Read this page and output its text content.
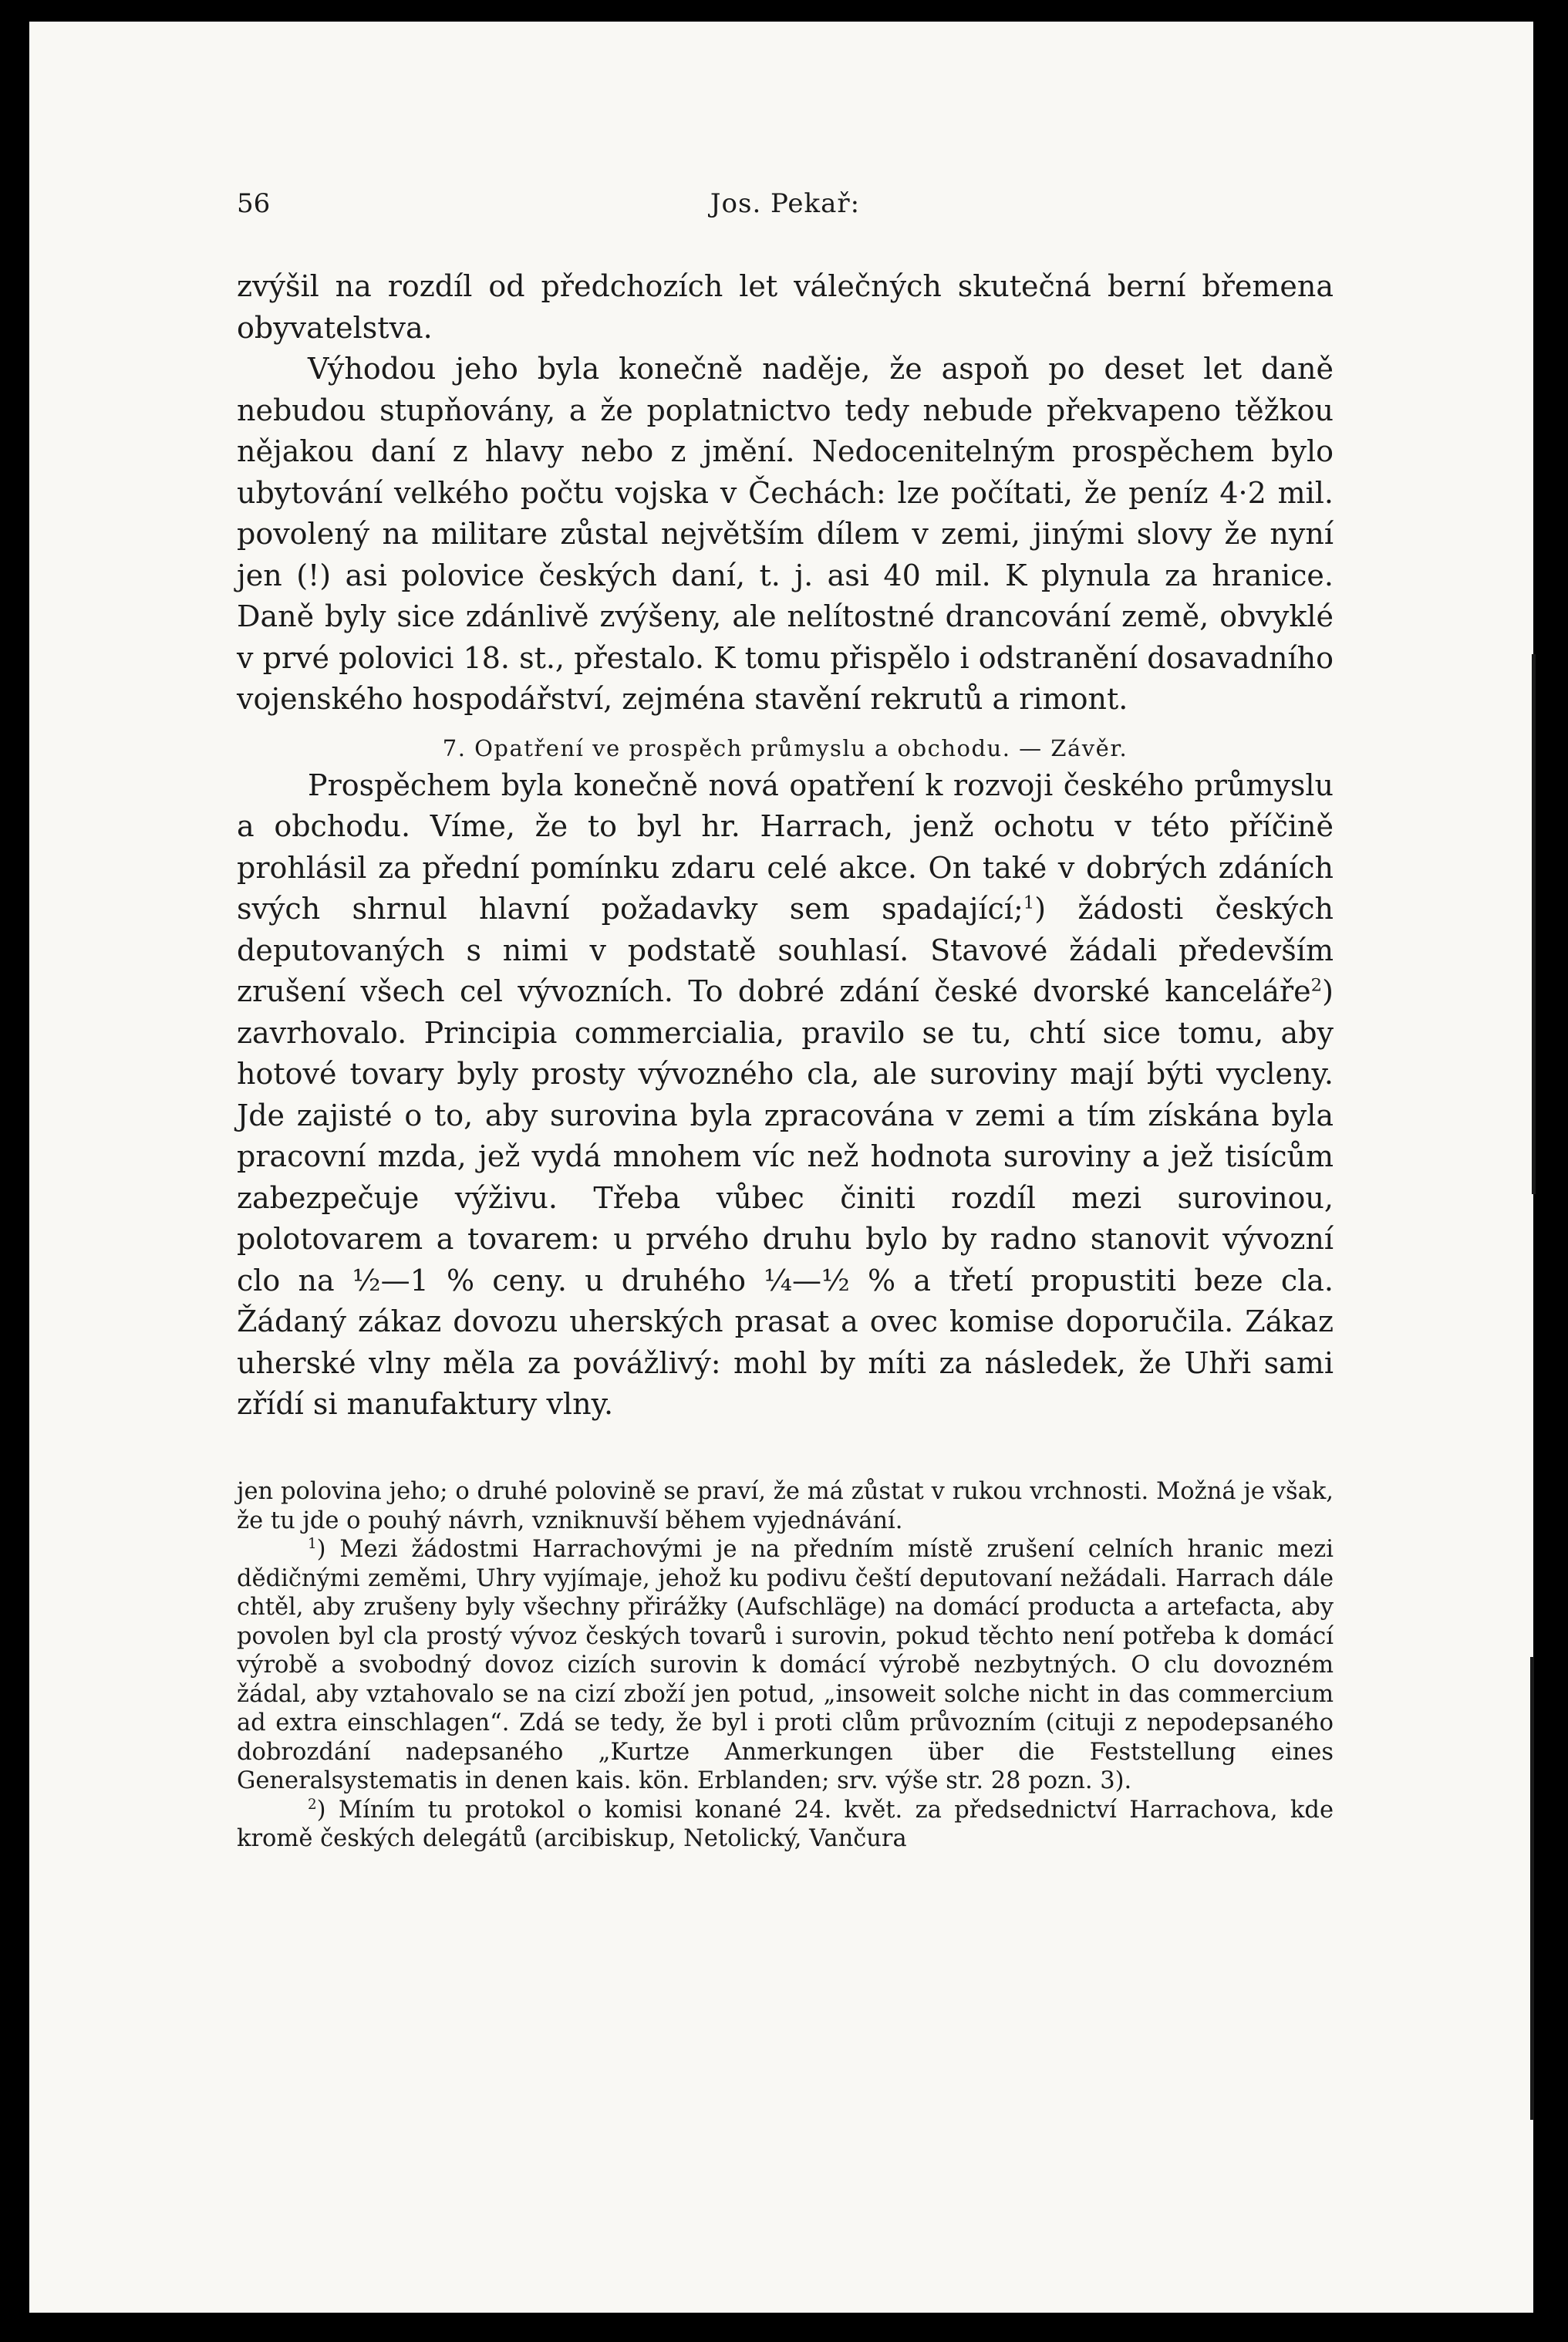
56	Jos. Pekař:

zvýšil na rozdíl od předchozích let válečných skutečná berní břemena obyvatelstva.

Výhodou jeho byla konečně naděje, že aspoň po deset let daně nebudou stupňovány, a že poplatnictvo tedy nebude překvapeno těžkou nějakou daní z hlavy nebo z jmění. Nedocenitelným prospěchem bylo ubytování velkého počtu vojska v Čechách: lze počítati, že peníz 4·2 mil. povolený na militare zůstal největším dílem v zemi, jinými slovy že nyní jen (!) asi polovice českých daní, t. j. asi 40 mil. K plynula za hranice. Daně byly sice zdánlivě zvýšeny, ale nelítostné drancování země, obvyklé v prvé polovici 18. st., přestalo. K tomu přispělo i odstranění dosavadního vojenského hospodářství, zejména stavění rekrutů a rimont.

7. Opatření ve prospěch průmyslu a obchodu. — Závěr.

Prospěchem byla konečně nová opatření k rozvoji českého průmyslu a obchodu. Víme, že to byl hr. Harrach, jenž ochotu v této příčině prohlásil za přední pomínku zdaru celé akce. On také v dobrých zdáních svých shrnul hlavní požadavky sem spadající;$^1$) žádosti českých deputovaných s nimi v podstatě souhlasí. Stavové žádali především zrušení všech cel vývozních. To dobré zdání české dvorské kanceláře$^2$) zavrhovalo. Principia commercialia, pravilo se tu, chtí sice tomu, aby hotové tovary byly prosty vývozného cla, ale suroviny mají býti vycleny. Jde zajisté o to, aby surovina byla zpracována v zemi a tím získána byla pracovní mzda, jež vydá mnohem víc než hodnota suroviny a jež tisícům zabezpečuje výživu. Třeba vůbec činiti rozdíl mezi surovinou, polotovarem a tovarem: u prvého druhu bylo by radno stanovit vývozní clo na ½—1 % ceny. u druhého ¼—½ % a třetí propustiti beze cla. Žádaný zákaz dovozu uherských prasat a ovec komise doporučila. Zákaz uherské vlny měla za povážlivý: mohl by míti za následek, že Uhři sami zřídí si manufaktury vlny.

jen polovina jeho; o druhé polovině se praví, že má zůstat v rukou vrchnosti. Možná je však, že tu jde o pouhý návrh, vzniknuvší během vyjednávání.

$^1$) Mezi žádostmi Harrachovými je na předním místě zrušení celních hranic mezi dědičnými zeměmi, Uhry vyjímaje, jehož ku podivu čeští deputovaní nežádali. Harrach dále chtěl, aby zrušeny byly všechny přirážky (Aufschläge) na domácí producta a artefacta, aby povolen byl cla prostý vývoz českých tovarů i surovin, pokud těchto není potřeba k domácí výrobě a svobodný dovoz cizích surovin k domácí výrobě nezbytných. O clu dovozném žádal, aby vztahovalo se na cizí zboží jen potud, „insoweit solche nicht in das commercium ad extra einschlagen“. Zdá se tedy, že byl i proti clům průvozním (cituji z nepodepsaného dobrozdání nadepsaného „Kurtze Anmerkungen über die Feststellung eines Generalsystematis in denen kais. kön. Erblanden; srv. výše str. 28 pozn. 3).

$^2$) Míním tu protokol o komisi konané 24. květ. za předsednictví Harrachova, kde kromě českých delegátů (arcibiskup, Netolický, Vančura
